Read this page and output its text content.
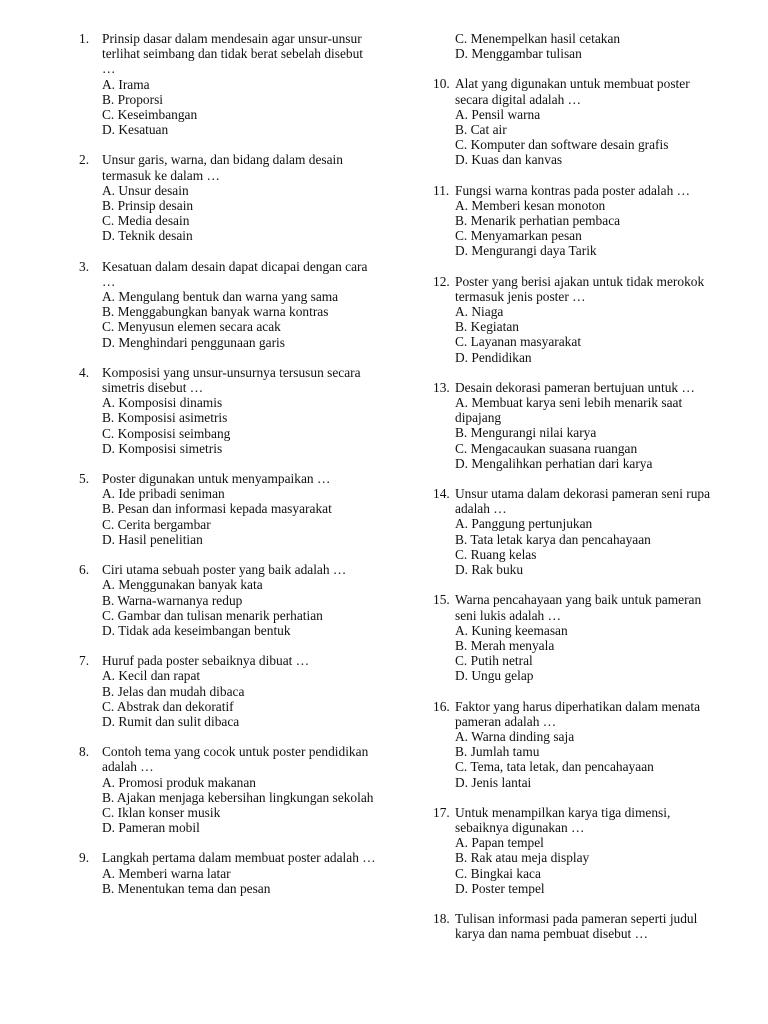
1. Prinsip dasar dalam mendesain agar unsur-unsur terlihat seimbang dan tidak berat sebelah disebut …
A. Irama
B. Proporsi
C. Keseimbangan
D. Kesatuan
2. Unsur garis, warna, dan bidang dalam desain termasuk ke dalam …
A. Unsur desain
B. Prinsip desain
C. Media desain
D. Teknik desain
3. Kesatuan dalam desain dapat dicapai dengan cara …
A. Mengulang bentuk dan warna yang sama
B. Menggabungkan banyak warna kontras
C. Menyusun elemen secara acak
D. Menghindari penggunaan garis
4. Komposisi yang unsur-unsurnya tersusun secara simetris disebut …
A. Komposisi dinamis
B. Komposisi asimetris
C. Komposisi seimbang
D. Komposisi simetris
5. Poster digunakan untuk menyampaikan …
A. Ide pribadi seniman
B. Pesan dan informasi kepada masyarakat
C. Cerita bergambar
D. Hasil penelitian
6. Ciri utama sebuah poster yang baik adalah …
A. Menggunakan banyak kata
B. Warna-warnanya redup
C. Gambar dan tulisan menarik perhatian
D. Tidak ada keseimbangan bentuk
7. Huruf pada poster sebaiknya dibuat …
A. Kecil dan rapat
B. Jelas dan mudah dibaca
C. Abstrak dan dekoratif
D. Rumit dan sulit dibaca
8. Contoh tema yang cocok untuk poster pendidikan adalah …
A. Promosi produk makanan
B. Ajakan menjaga kebersihan lingkungan sekolah
C. Iklan konser musik
D. Pameran mobil
9. Langkah pertama dalam membuat poster adalah …
A. Memberi warna latar
B. Menentukan tema dan pesan
C. Menempelkan hasil cetakan
D. Menggambar tulisan
10. Alat yang digunakan untuk membuat poster secara digital adalah …
A. Pensil warna
B. Cat air
C. Komputer dan software desain grafis
D. Kuas dan kanvas
11. Fungsi warna kontras pada poster adalah …
A. Memberi kesan monoton
B. Menarik perhatian pembaca
C. Menyamarkan pesan
D. Mengurangi daya Tarik
12. Poster yang berisi ajakan untuk tidak merokok termasuk jenis poster …
A. Niaga
B. Kegiatan
C. Layanan masyarakat
D. Pendidikan
13. Desain dekorasi pameran bertujuan untuk …
A. Membuat karya seni lebih menarik saat dipajang
B. Mengurangi nilai karya
C. Mengacaukan suasana ruangan
D. Mengalihkan perhatian dari karya
14. Unsur utama dalam dekorasi pameran seni rupa adalah …
A. Panggung pertunjukan
B. Tata letak karya dan pencahayaan
C. Ruang kelas
D. Rak buku
15. Warna pencahayaan yang baik untuk pameran seni lukis adalah …
A. Kuning keemasan
B. Merah menyala
C. Putih netral
D. Ungu gelap
16. Faktor yang harus diperhatikan dalam menata pameran adalah …
A. Warna dinding saja
B. Jumlah tamu
C. Tema, tata letak, dan pencahayaan
D. Jenis lantai
17. Untuk menampilkan karya tiga dimensi, sebaiknya digunakan …
A. Papan tempel
B. Rak atau meja display
C. Bingkai kaca
D. Poster tempel
18. Tulisan informasi pada pameran seperti judul karya dan nama pembuat disebut …
